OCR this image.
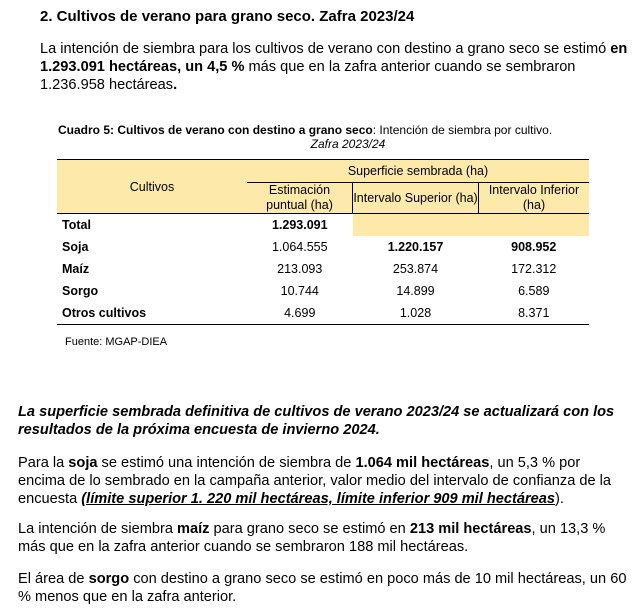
2. Cultivos de verano para grano seco. Zafra 2023/24

La intención de siembra para los cultivos de verano con destino a grano seco se estimó en 1.293.091 hectáreas, un 4,5 % más que en la zafra anterior cuando se sembraron 1.236.958 hectáreas.

Cuadro 5: Cultivos de verano con destino a grano seco: Intención de siembra por cultivo.
Zafra 2023/24
Cultivos	Superficie sembrada (ha)		
	Estimación puntual (ha)	Intervalo Superior (ha)	Intervalo Inferior (ha)
Total	1.293.091		
Soja	1.064.555	1.220.157	908.952
Maíz	213.093	253.874	172.312
Sorgo	10.744	14.899	6.589
Otros cultivos	4.699	1.028	8.371
Fuente: MGAP-DIEA

La superficie sembrada definitiva de cultivos de verano 2023/24 se actualizará con los resultados de la próxima encuesta de invierno 2024.

Para la soja se estimó una intención de siembra de 1.064 mil hectáreas, un 5,3 % por encima de lo sembrado en la campaña anterior, valor medio del intervalo de confianza de la encuesta (límite superior 1. 220 mil hectáreas, límite inferior 909 mil hectáreas).

La intención de siembra maíz para grano seco se estimó en 213 mil hectáreas, un 13,3 % más que en la zafra anterior cuando se sembraron 188 mil hectáreas.

El área de sorgo con destino a grano seco se estimó en poco más de 10 mil hectáreas, un 60 % menos que en la zafra anterior.
